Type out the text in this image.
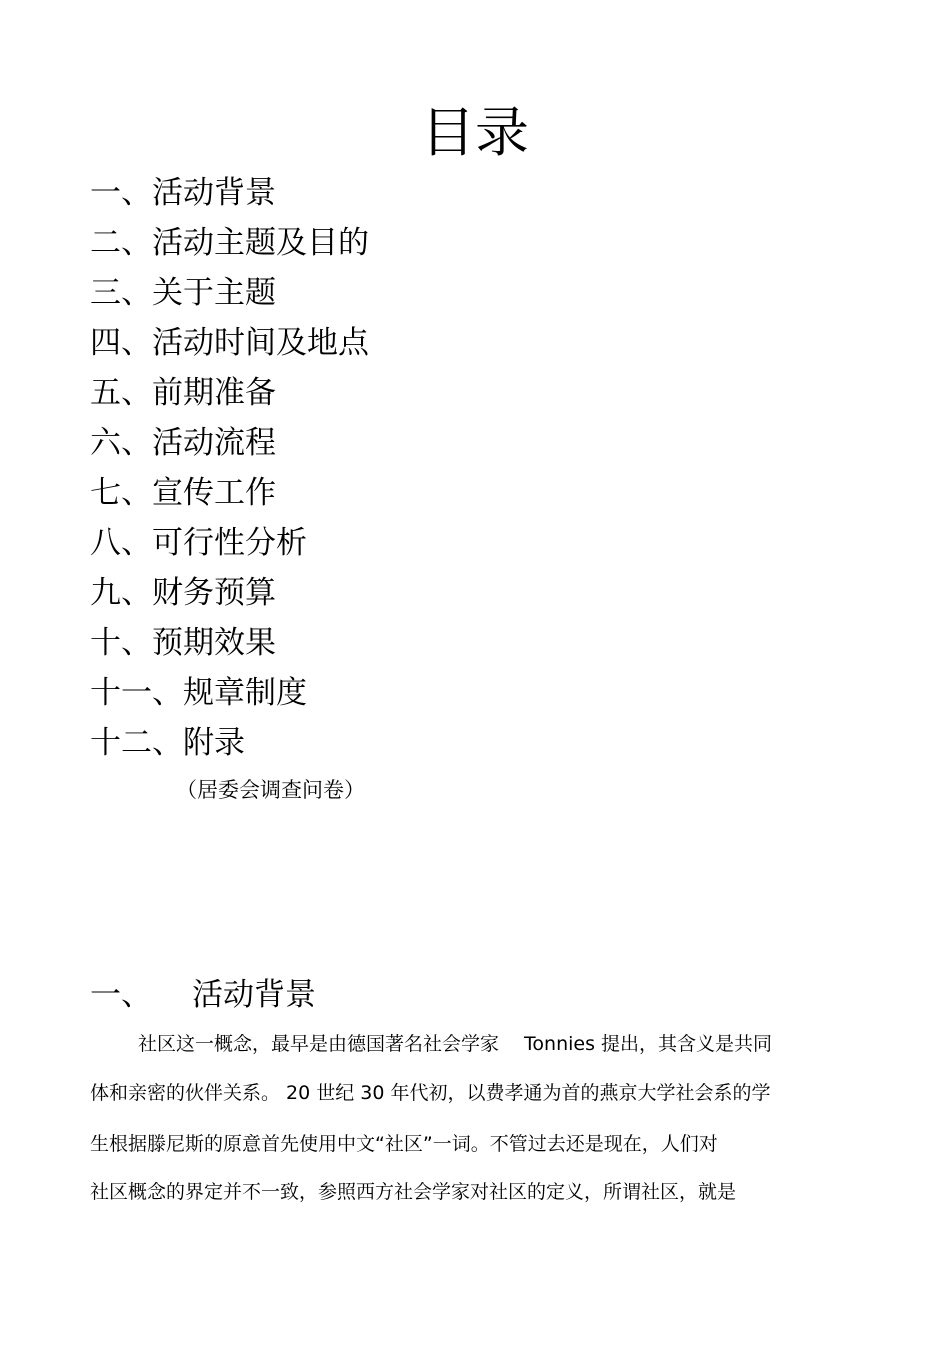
目录
一、活动背景
二、活动主题及目的
三、关于主题
四、活动时间及地点
五、前期准备
六、活动流程
七、宣传工作
八、可行性分析
九、财务预算
十、预期效果
十一、规章制度
十二、附录
（居委会调查问卷）
一、 活动背景
社区这一概念，最早是由德国著名社会学家　 Tonnies 提出，其含义是共同
体和亲密的伙伴关系。 20 世纪 30 年代初，以费孝通为首的燕京大学社会系的学
生根据滕尼斯的原意首先使用中文“社区”一词。不管过去还是现在，人们对
社区概念的界定并不一致，参照西方社会学家对社区的定义，所谓社区，就是
